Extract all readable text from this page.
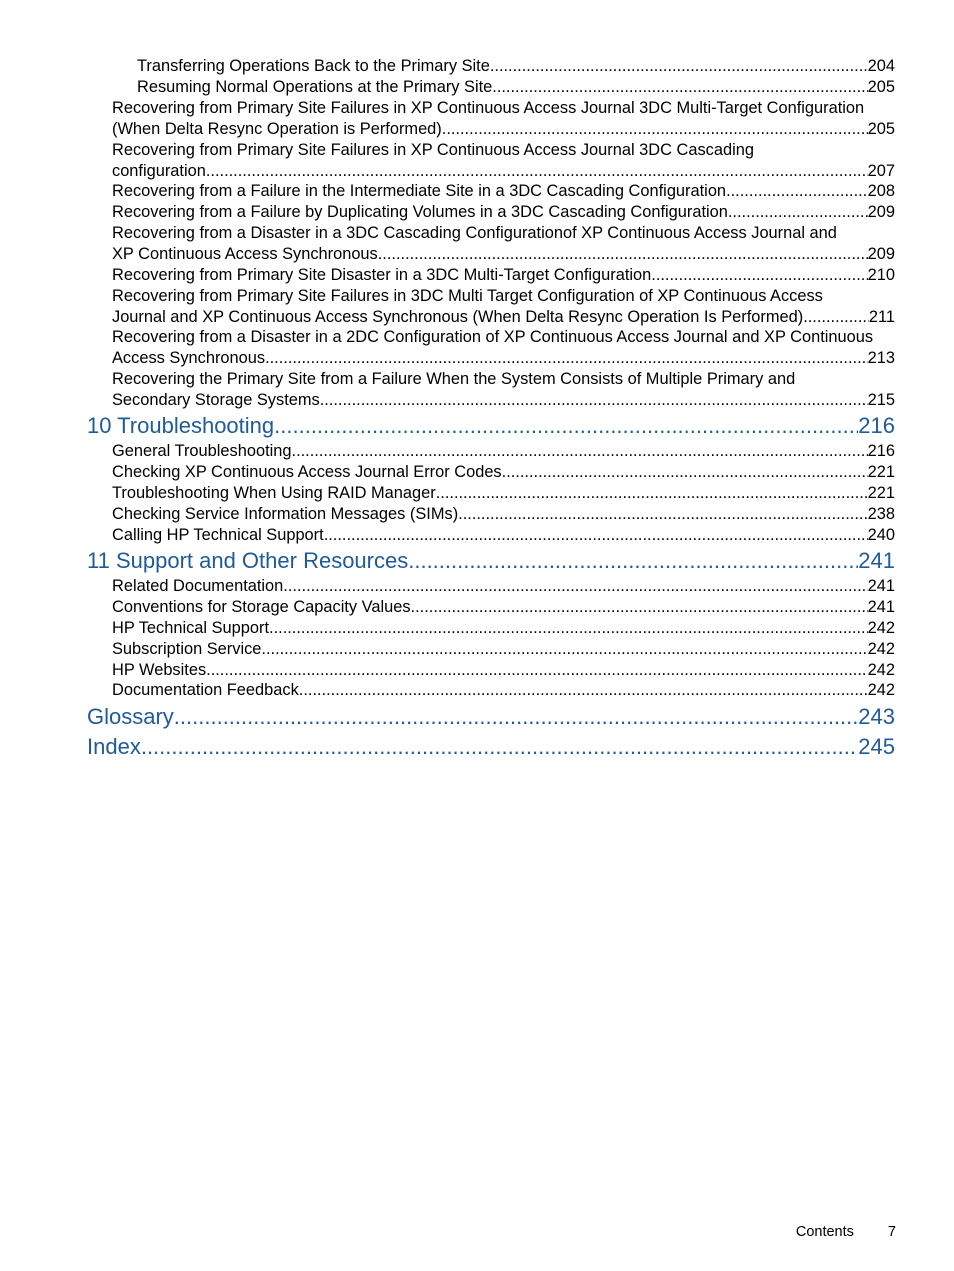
Transferring Operations Back to the Primary Site .....	204
Resuming Normal Operations at the Primary Site .....	205
Recovering from Primary Site Failures in XP Continuous Access Journal 3DC Multi-Target Configuration
(When Delta Resync Operation is Performed) .....	205
Recovering from Primary Site Failures in XP Continuous Access Journal 3DC Cascading
configuration .....	207
Recovering from a Failure in the Intermediate Site in a 3DC Cascading Configuration .....	208
Recovering from a Failure by Duplicating Volumes in a 3DC Cascading Configuration .....	209
Recovering from a Disaster in a 3DC Cascading Configurationof XP Continuous Access Journal and
XP Continuous Access Synchronous .....	209
Recovering from Primary Site Disaster in a 3DC Multi-Target Configuration .....	210
Recovering from Primary Site Failures in 3DC Multi Target Configuration of XP Continuous Access
Journal and XP Continuous Access Synchronous (When Delta Resync Operation Is Performed) .....	211
Recovering from a Disaster in a 2DC Configuration of XP Continuous Access Journal and XP Continuous
Access Synchronous .....	213
Recovering the Primary Site from a Failure When the System Consists of Multiple Primary and
Secondary Storage Systems .....	215
10 Troubleshooting .....	216
General Troubleshooting .....	216
Checking XP Continuous Access Journal Error Codes .....	221
Troubleshooting When Using RAID Manager .....	221
Checking Service Information Messages (SIMs) .....	238
Calling HP Technical Support .....	240
11 Support and Other Resources .....	241
Related Documentation .....	241
Conventions for Storage Capacity Values .....	241
HP Technical Support .....	242
Subscription Service .....	242
HP Websites .....	242
Documentation Feedback .....	242
Glossary .....	243
Index .....	245
Contents 7
